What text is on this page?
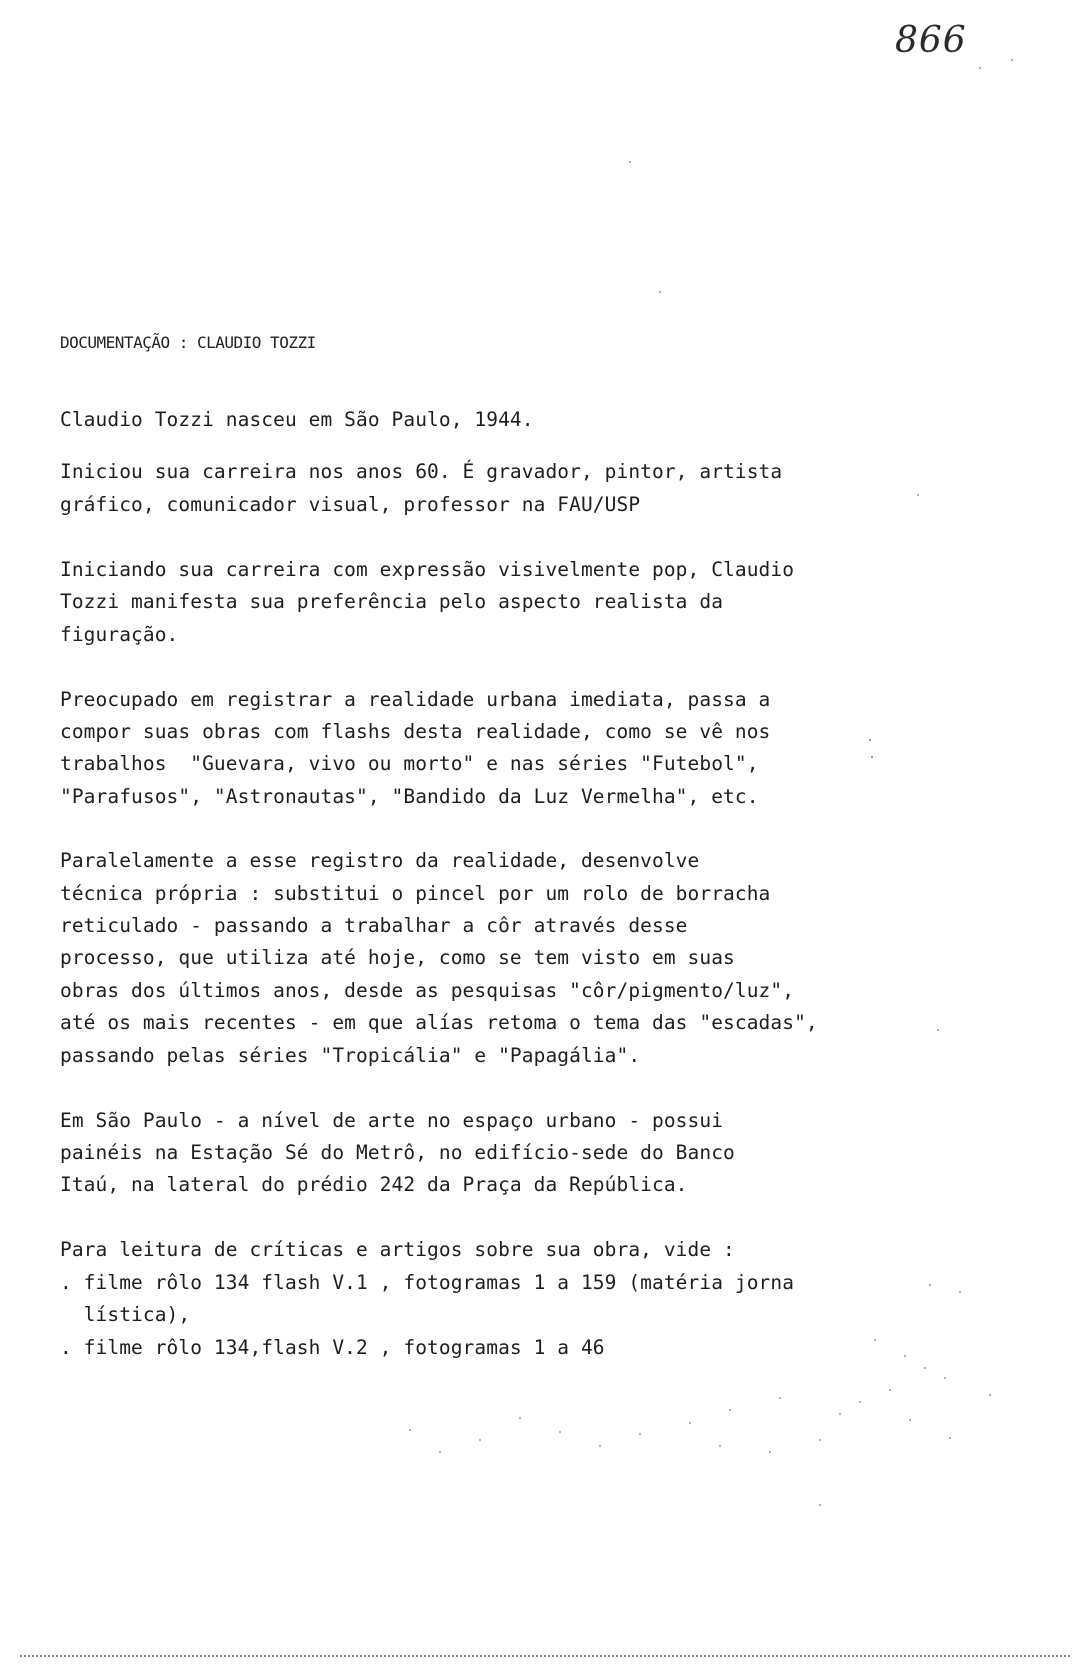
866
DOCUMENTAÇÃO : CLAUDIO TOZZI
Claudio Tozzi nasceu em São Paulo, 1944.
Iniciou sua carreira nos anos 60. É gravador, pintor, artista
gráfico, comunicador visual, professor na FAU/USP
Iniciando sua carreira com expressão visivelmente pop, Claudio
Tozzi manifesta sua preferência pelo aspecto realista da
figuração.
Preocupado em registrar a realidade urbana imediata, passa a
compor suas obras com flashs desta realidade, como se vê nos
trabalhos  "Guevara, vivo ou morto" e nas séries "Futebol",
"Parafusos", "Astronautas", "Bandido da Luz Vermelha", etc.
Paralelamente a esse registro da realidade, desenvolve
técnica própria : substitui o pincel por um rolo de borracha
reticulado - passando a trabalhar a côr através desse
processo, que utiliza até hoje, como se tem visto em suas
obras dos últimos anos, desde as pesquisas "côr/pigmento/luz",
até os mais recentes - em que alías retoma o tema das "escadas",
passando pelas séries "Tropicália" e "Papagália".
Em São Paulo - a nível de arte no espaço urbano - possui
painéis na Estação Sé do Metrô, no edifício-sede do Banco
Itaú, na lateral do prédio 242 da Praça da República.
Para leitura de críticas e artigos sobre sua obra, vide :
. filme rôlo 134 flash V.1 , fotogramas 1 a 159 (matéria jorna
lística),
. filme rôlo 134,flash V.2 , fotogramas 1 a 46
